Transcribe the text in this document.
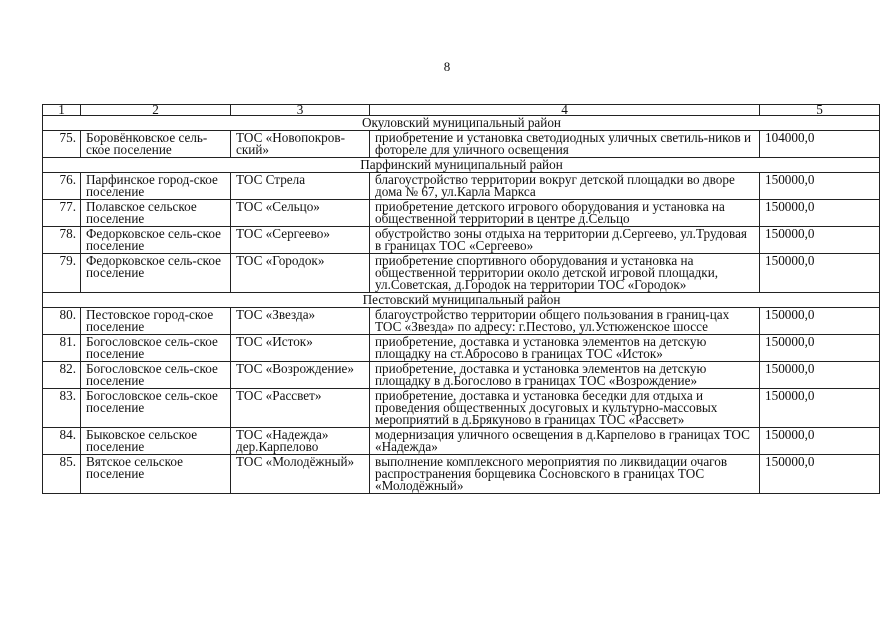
8
1	2	3	4	5
Окуловский муниципальный район				
75.	Боровёнковское сель-ское поселение	ТОС «Новопокров-ский»	приобретение и установка светодиодных уличных светиль-ников и фотореле для уличного освещения	104000,0
Парфинский муниципальный район				
76.	Парфинское город-ское поселение	ТОС Стрела	благоустройство территории вокруг детской площадки во дворе дома № 67, ул.Карла Маркса	150000,0
77.	Полавское сельское поселение	ТОС «Сельцо»	приобретение детского игрового оборудования и установка на общественной территории в центре д.Сельцо	150000,0
78.	Федорковское сель-ское поселение	ТОС «Сергеево»	обустройство зоны отдыха на территории д.Сергеево, ул.Трудовая в границах ТОС «Сергеево»	150000,0
79.	Федорковское сель-ское поселение	ТОС «Городок»	приобретение спортивного оборудования и установка на общественной территории около детской игровой площадки, ул.Советская, д.Городок на территории ТОС «Городок»	150000,0
Пестовский муниципальный район				
80.	Пестовское город-ское поселение	ТОС «Звезда»	благоустройство территории общего пользования в границ-цах ТОС «Звезда» по адресу: г.Пестово, ул.Устюженское шоссе	150000,0
81.	Богословское сель-ское поселение	ТОС «Исток»	приобретение, доставка и установка элементов на детскую площадку на ст.Абросово в границах ТОС «Исток»	150000,0
82.	Богословское сель-ское поселение	ТОС «Возрождение»	приобретение, доставка и установка элементов на детскую площадку в д.Богослово в границах ТОС «Возрождение»	150000,0
83.	Богословское сель-ское поселение	ТОС «Рассвет»	приобретение, доставка и установка беседки для отдыха и проведения общественных досуговых и культурно-массовых мероприятий в д.Брякуново в границах ТОС «Рассвет»	150000,0
84.	Быковское сельское поселение	ТОС «Надежда» дер.Карпелово	модернизация уличного освещения в д.Карпелово в границах ТОС «Надежда»	150000,0
85.	Вятское сельское поселение	ТОС «Молодёжный»	выполнение комплексного мероприятия по ликвидации очагов распространения борщевика Сосновского в границах ТОС «Молодёжный»	150000,0
